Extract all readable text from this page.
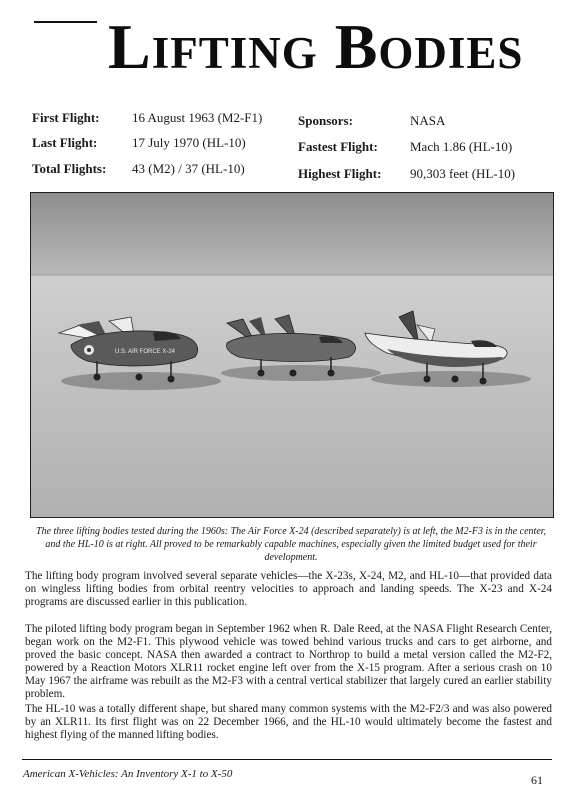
Lifting Bodies
First Flight: 16 August 1963 (M2-F1)
Last Flight:	17 July 1970 (HL-10)
Total Flights: 43 (M2) / 37 (HL-10)
Sponsors:	NASA
Fastest Flight: Mach 1.86 (HL-10)
Highest Flight: 90,303 feet (HL-10)
U.S. AIR FORCE X-24

The three lifting bodies tested during the 1960s: The Air Force X-24 (described separately) is at left, the M2-F3 is in the center, and the HL-10 is at right. All proved to be remarkably capable machines, especially given the limited budget used for their development.

The lifting body program involved several separate vehicles—the X-23s, X-24, M2, and HL-10—that provided data on wingless lifting bodies from orbital reentry velocities to approach and landing speeds. The X-23 and X-24 programs are discussed earlier in this publication.

The piloted lifting body program began in September 1962 when R. Dale Reed, at the NASA Flight Research Center, began work on the M2-F1. This plywood vehicle was towed behind various trucks and cars to get airborne, and proved the basic concept. NASA then awarded a contract to Northrop to build a metal version called the M2-F2, powered by a Reaction Motors XLR11 rocket engine left over from the X-15 program. After a serious crash on 10 May 1967 the airframe was rebuilt as the M2-F3 with a central vertical stabilizer that largely cured an earlier stability problem.

The HL-10 was a totally different shape, but shared many common systems with the M2-F2/3 and was also powered by an XLR11. Its first flight was on 22 December 1966, and the HL-10 would ultimately become the fastest and highest flying of the manned lifting bodies.

American X-Vehicles: An Inventory X-1 to X-50	61
